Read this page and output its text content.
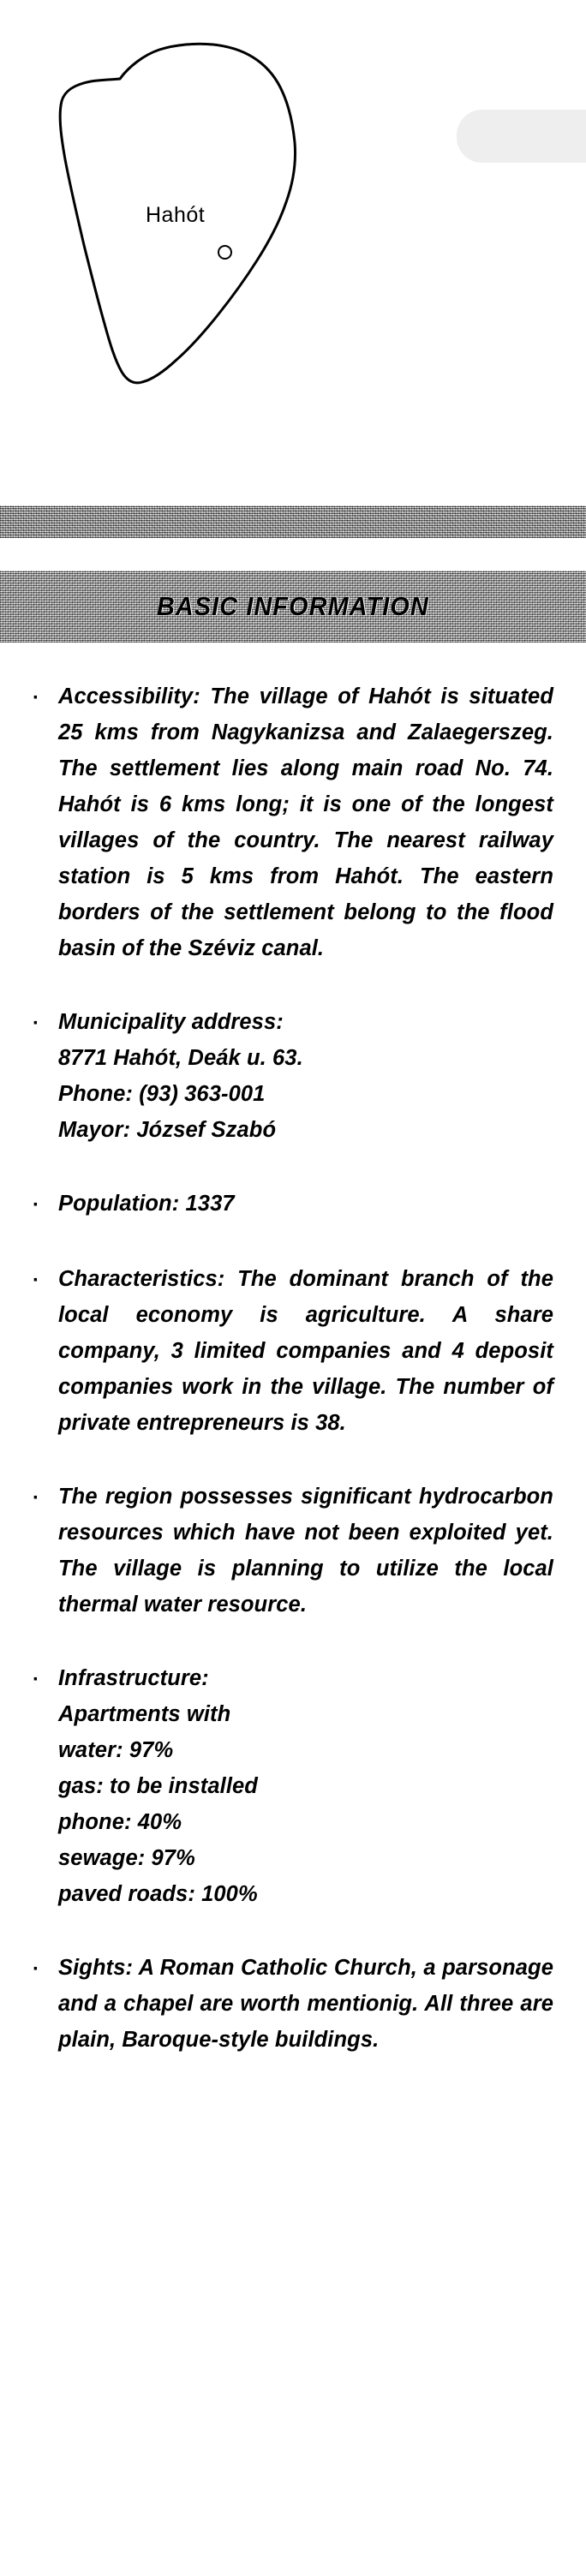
Hahót
BASIC INFORMATION
· Accessibility: The village of Hahót is situated 25 kms from Nagykanizsa and Zalaegerszeg. The settlement lies along main road No. 74. Hahót is 6 kms long; it is one of the longest villages of the country. The nearest railway station is 5 kms from Hahót. The eastern borders of the settlement belong to the flood basin of the Széviz canal.
· Municipality address:
8771 Hahót, Deák u. 63.
Phone: (93) 363-001
Mayor: József Szabó
· Population: 1337
· Characteristics: The dominant branch of the local economy is agriculture. A share company, 3 limited companies and 4 deposit companies work in the village. The number of private entrepreneurs is 38.
· The region possesses significant hydrocarbon resources which have not been exploited yet. The village is planning to utilize the local thermal water resource.
· Infrastructure:
Apartments with
water: 97%
gas: to be installed
phone: 40%
sewage: 97%
paved roads: 100%
· Sights: A Roman Catholic Church, a parsonage and a chapel are worth mentionig. All three are plain, Baroque-style buildings.
